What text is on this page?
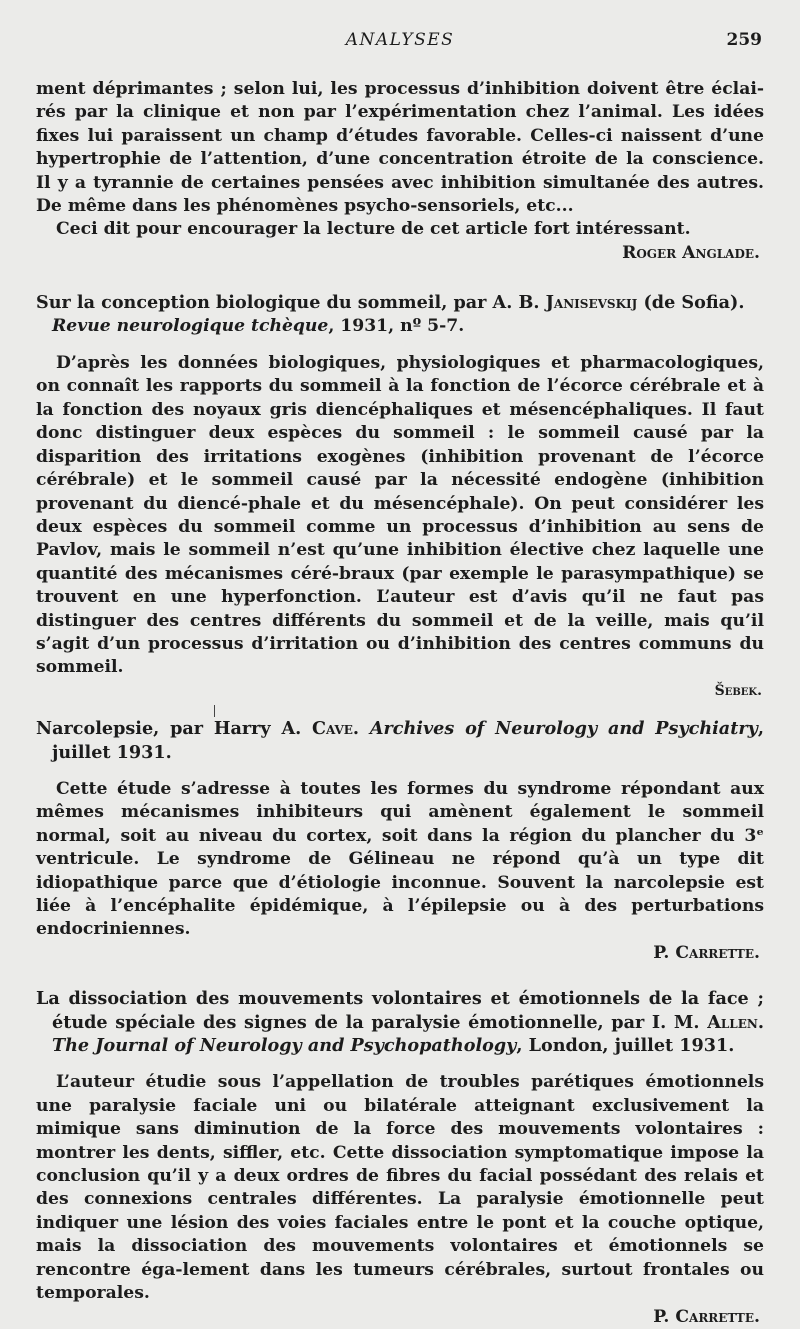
ANALYSES	259

ment déprimantes ; selon lui, les processus d’inhibition doivent être éclai-rés par la clinique et non par l’expérimentation chez l’animal. Les idées fixes lui paraissent un champ d’études favorable. Celles-ci naissent d’une hypertrophie de l’attention, d’une concentration étroite de la conscience. Il y a tyrannie de certaines pensées avec inhibition simultanée des autres. De même dans les phénomènes psycho-sensoriels, etc...

Ceci dit pour encourager la lecture de cet article fort intéressant.

Roger Anglade.

Sur la conception biologique du sommeil, par A. B. Janisevskij (de Sofia).

Revue neurologique tchèque, 1931, nº 5-7.

D’après les données biologiques, physiologiques et pharmacologiques, on connaît les rapports du sommeil à la fonction de l’écorce cérébrale et à la fonction des noyaux gris diencéphaliques et mésencéphaliques. Il faut donc distinguer deux espèces du sommeil : le sommeil causé par la disparition des irritations exogènes (inhibition provenant de l’écorce cérébrale) et le sommeil causé par la nécessité endogène (inhibition provenant du diencé-phale et du mésencéphale). On peut considérer les deux espèces du sommeil comme un processus d’inhibition au sens de Pavlov, mais le sommeil n’est qu’une inhibition élective chez laquelle une quantité des mécanismes céré-braux (par exemple le parasympathique) se trouvent en une hyperfonction. L’auteur est d’avis qu’il ne faut pas distinguer des centres différents du sommeil et de la veille, mais qu’il s’agit d’un processus d’irritation ou d’inhibition des centres communs du sommeil.

Šebek.

Narcolepsie, par Harry A. Cave. Archives of Neurology and Psychiatry, juillet 1931.

Cette étude s’adresse à toutes les formes du syndrome répondant aux mêmes mécanismes inhibiteurs qui amènent également le sommeil normal, soit au niveau du cortex, soit dans la région du plancher du 3ᵉ ventricule. Le syndrome de Gélineau ne répond qu’à un type dit idiopathique parce que d’étiologie inconnue. Souvent la narcolepsie est liée à l’encéphalite épidémique, à l’épilepsie ou à des perturbations endocriniennes.

P. Carrette.

La dissociation des mouvements volontaires et émotionnels de la face ; étude spéciale des signes de la paralysie émotionnelle, par I. M. Allen. The Journal of Neurology and Psychopathology, London, juillet 1931.

L’auteur étudie sous l’appellation de troubles parétiques émotionnels une paralysie faciale uni ou bilatérale atteignant exclusivement la mimique sans diminution de la force des mouvements volontaires : montrer les dents, siffler, etc. Cette dissociation symptomatique impose la conclusion qu’il y a deux ordres de fibres du facial possédant des relais et des connexions centrales différentes. La paralysie émotionnelle peut indiquer une lésion des voies faciales entre le pont et la couche optique, mais la dissociation des mouvements volontaires et émotionnels se rencontre éga-lement dans les tumeurs cérébrales, surtout frontales ou temporales.

P. Carrette.
